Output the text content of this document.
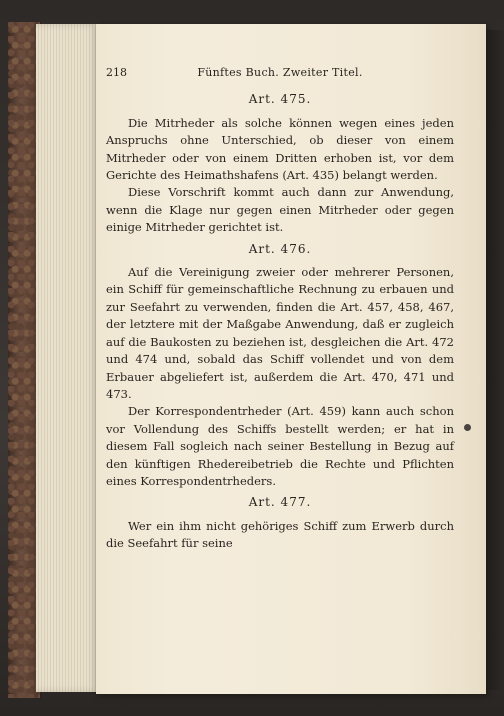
218	Fünftes Buch. Zweiter Titel.
Art. 475.

Die Mitrheder als solche können wegen eines jeden Anspruchs ohne Unterschied, ob dieser von einem Mitrheder oder von einem Dritten erhoben ist, vor dem Gerichte des Heimathshafens (Art. 435) belangt werden.

Diese Vorschrift kommt auch dann zur Anwendung, wenn die Klage nur gegen einen Mitrheder oder gegen einige Mitrheder gerichtet ist.

Art. 476.

Auf die Vereinigung zweier oder mehrerer Personen, ein Schiff für gemeinschaftliche Rechnung zu erbauen und zur Seefahrt zu verwenden, finden die Art. 457, 458, 467, der letztere mit der Maßgabe Anwendung, daß er zugleich auf die Baukosten zu beziehen ist, desgleichen die Art. 472 und 474 und, sobald das Schiff vollendet und von dem Erbauer abgeliefert ist, außerdem die Art. 470, 471 und 473.

Der Korrespondentrheder (Art. 459) kann auch schon vor Vollendung des Schiffs bestellt werden; er hat in diesem Fall sogleich nach seiner Bestellung in Bezug auf den künftigen Rhedereibetrieb die Rechte und Pflichten eines Korrespondentrheders.

Art. 477.

Wer ein ihm nicht gehöriges Schiff zum Erwerb durch die Seefahrt für seine
